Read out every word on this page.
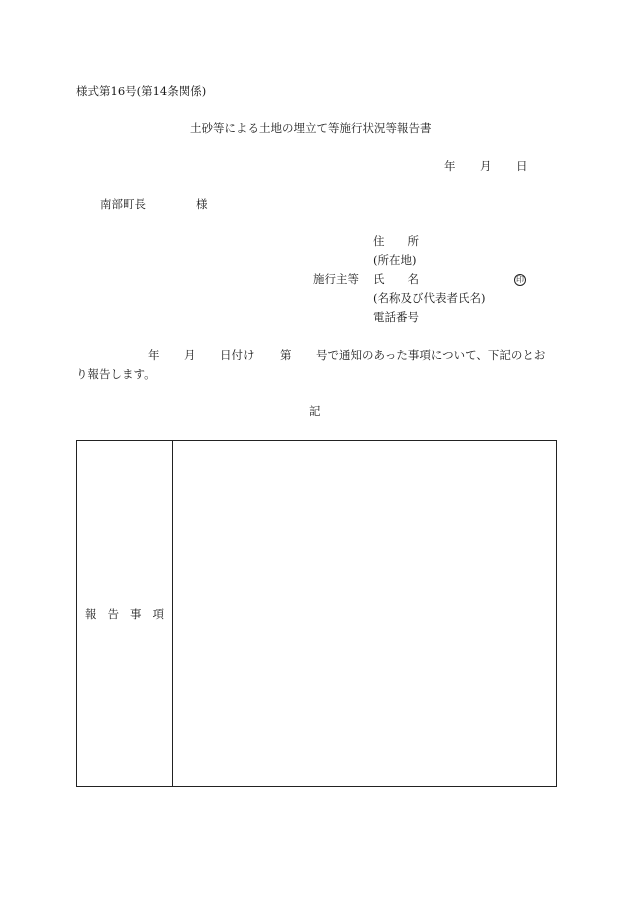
様式第16号(第14条関係)
土砂等による土地の埋立て等施行状況等報告書
年 月 日
南部町長	様
住　　所
(所在地)
施行主等 氏　　名	印
(名称及び代表者氏名)
電話番号
年 月 日付け 第 号で通知のあった事項について、下記のとお
り報告します。
記
報告事項
